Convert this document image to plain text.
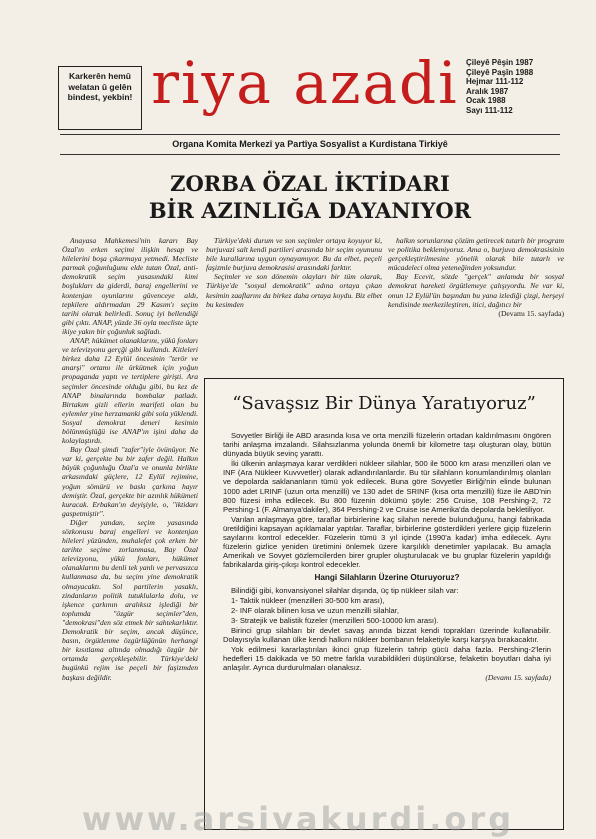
Karkerên hemû welatan û gelên bindest, yekbin! riya azadi Çileyê Pêşin 1987
Çileyê Paşîn 1988
Hejmar 111-112
Aralık 1987
Ocak 1988
Sayı 111-112
Organa Komita Merkezî ya Partîya Sosyalîst a Kurdistana Tirkiyê
ZORBA ÖZAL İKTİDARI
BİR AZINLIĞA DAYANIYOR

Anayasa Mahkemesi'nin kararı Bay Özal'ın erken seçimi ilişkin hesap ve hilelerini boşa çıkarmaya yetmedi. Mecliste parmak çoğunluğunu elde tutan Özal, anti-demokratik seçim yasasındaki kimi boşlukları da giderdi, baraj engellerini ve kontenjan oyunlarını güvenceye aldı, tepkilere aldırmadan 29 Kasım'ı seçim tarihi olarak belirledi. Sonuç iyi bellendiği gibi çıktı. ANAP, yüzde 36 oyla mecliste üçte ikiye yakın bir çoğunluk sağladı.

ANAP, hükümet olanaklarını, yükü fonları ve televizyonu gerçği gibi kullandı. Kitleleri birkez daha 12 Eylül öncesinin "terör ve anarşi" ortamı ile ürkütmek için yoğun propaganda yaptı ve tertiplere girişti. Ara seçimler öncesinde olduğu gibi, bu kez de ANAP binalarında bombalar patladı. Birtakım gizli ellerin marifeti olan bu eylemler yine herzamanki gibi sola yüklendi. Sosyal demokrat deneri kesimin bölünmüşlüğü ise ANAP'ın işini daha da kolaylaştırdı.

Bay Özal şimdi "zafer"iyle övünüyor. Ne var ki, gerçekte bu bir zafer değil. Halkın büyük çoğunluğu Özal'a ve onunla birlikte arkasındaki güçlere, 12 Eylül rejimine, yoğun sömürü ve baskı çarkına hayır demiştir. Özal, gerçekte bir azınlık hükümeti kuracak. Erbakan'ın deyişiyle, o, "iktidarı gaspetmiştir".

Diğer yandan, seçim yasasında sözkonusu baraj engelleri ve kontenjan hileleri yüzünden, muhalefet çok erken bir tarihte seçime zorlanmasa, Bay Özal televizyonu, yükü fonları, hükümet olanaklarını bu denli tek yanlı ve pervasızca kullanmasa da, bu seçim yine demokratik olmayacaktı. Sol partilerin yasaklı, zindanların politik tutuklularla dolu, ve işkence çarkının aralıksız işlediği bir toplumda "özgür seçimler"den, "demokrasi"den söz etmek bir sahtekarlıktır. Demokratik bir seçim, ancak düşünce, basın, örgütlenme özgürlüğünün herhangi bir kısıtlama altında olmadığı özgür bir ortamda gerçekleşebilir. Türkiye'deki bugünkü rejim ise peçeli bir faşizmden başkası değildir.

Türkiye'deki durum ve son seçimler ortaya koyuyor ki, burjuvazi salt kendi partileri arasında bir seçim oyununu bile kurallarına uygun oynayamıyor. Bu da elbet, peçeli faşizmle burjuva demokrasisi arasındaki farktır.

Seçimler ve son dönemin olayları bir tüm olarak, Türkiye'de "sosyal demokratik" adına ortaya çıkan kesimin zaaflarını da birkez daha ortaya koydu. Biz elbet bu kesimden

halkın sorunlarına çözüm getirecek tutarlı bir program ve politika beklemiyoruz. Ama o, burjuva demokrasisinin gerçekleştirilmesine yönelik olarak bile tutarlı ve mücadeleci olma yeteneğinden yoksundur.

Bay Ecevit, sözde "gerçek" anlamda bir sosyal demokrat hareketi örgütlemeye çalışıyordu. Ne var ki, onun 12 Eylül'ün başından bu yana izlediği çizgi, herşeyi kendisinde merkezileştiren, itici, dağıtıcı bir

(Devamı 15. sayfada)
“Savaşsız Bir Dünya Yaratıyoruz”

Sovyetler Birliği ile ABD arasında kısa ve orta menzilli füzelerin ortadan kaldırılmasını öngören tarihi anlaşma imzalandı. Silahsızlanma yolunda önemli bir kilometre taşı oluşturan olay, bütün dünyada büyük sevinç yarattı.

İki ülkenin anlaşmaya karar verdikleri nükleer silahlar, 500 ile 5000 km arası menzilleri olan ve INF (Ara Nükleer Kuvvvetler) olarak adlandırılanlardır. Bu tür silahların konumlandırılmış olanları ve depolarda saklananların tümü yok edilecek. Buna göre Sovyetler Birliği'nin elinde bulunan 1000 adet LRINF (uzun orta menzilli) ve 130 adet de SRINF (kısa orta menzilli) füze ile ABD'nin 800 füzesi imha edilecek. Bu 800 füzenin dökümü şöyle: 256 Cruise, 108 Pershing-2, 72 Pershing-1 (F. Almanya'dakiler), 364 Pershing-2 ve Cruise ise Amerika'da depolarda bekletiliyor.

Varılan anlaşmaya göre, taraflar birbirlerine kaç silahın nerede bulunduğunu, hangi fabrikada üretildiğini kapsayan açıklamalar yaptılar. Taraflar, birbirlerine gösterdikleri yerlere giçip füzelerin sayılarını kontrol edecekler. Füzelerin tümü 3 yıl içinde (1990'a kadar) imha edilecek. Aynı füzelerin gizlice yeniden üretimini önlemek üzere karşılıklı denetimler yapılacak. Bu amaçla Amerikalı ve Sovyet gözlemcilerden birer grupler oluşturulacak ve bu gruplar füzelerin yapıldığı fabrikalarda giriş-çıkışı kontrol edecekler.

Hangi Silahların Üzerine Oturuyoruz?

Bilindiği gibi, konvansiyonel silahlar dışında, üç tip nükleer silah var:

1- Taktik nükleer (menzilleri 30-500 km arası),

2- INF olarak bilinen kısa ve uzun menzilli silahlar,

3- Stratejik ve balistik füzeler (menzilleri 500-10000 km arası).

Birinci grup silahları bir devlet savaş anında bizzat kendi toprakları üzerinde kullanabilir. Dolayısıyla kullanan ülke kendi halkını nükleer bombanın felaketiyle karşı karşıya bırakacaktır.

Yok edilmesi kararlaştırılan ikinci grup füzelerin tahrip gücü daha fazla. Pershing-2'lerin hedefleri 15 dakikada ve 50 metre farkla vurabildikleri düşünülürse, felaketin boyutları daha iyi anlaşılır. Ayrıca durdurulmaları olanaksız.

(Devamı 15. sayfada)

www.arsivakurdi.org
